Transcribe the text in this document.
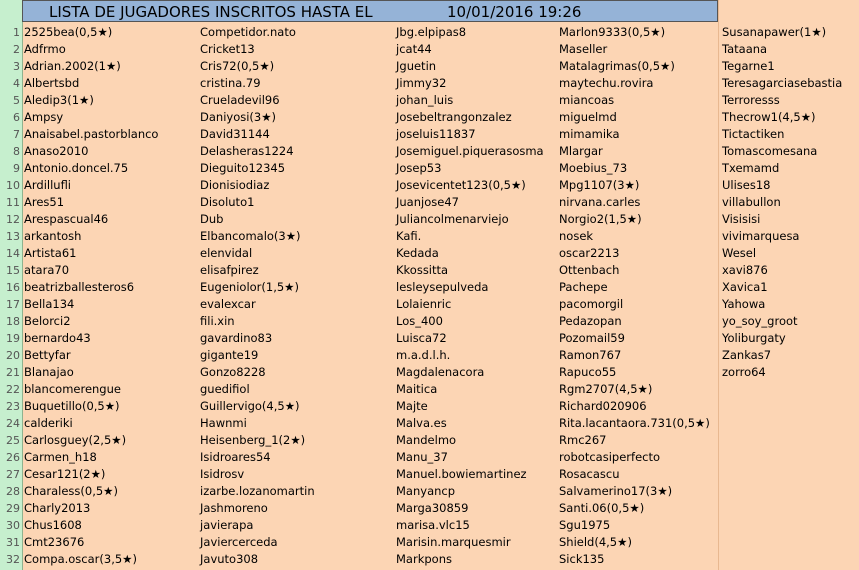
LISTA DE JUGADORES INSCRITOS HASTA EL	10/01/2016 19:26
1
2
3
4
5
6
7
8
9
10
11
12
13
14
15
16
17
18
19
20
21
22
23
24
25
26
27
28
29
30
31
32
2525bea(0,5★)
Adfrmo
Adrian.2002(1★)
Albertsbd
Aledip3(1★)
Ampsy
Anaisabel.pastorblanco
Anaso2010
Antonio.doncel.75
Ardillufli
Ares51
Arespascual46
arkantosh
Artista61
atara70
beatrizballesteros6
Bella134
Belorci2
bernardo43
Bettyfar
Blanajao
blancomerengue
Buquetillo(0,5★)
calderiki
Carlosguey(2,5★)
Carmen_h18
Cesar121(2★)
Charaless(0,5★)
Charly2013
Chus1608
Cmt23676
Compa.oscar(3,5★)
Competidor.nato
Cricket13
Cris72(0,5★)
cristina.79
Crueladevil96
Daniyosi(3★)
David31144
Delasheras1224
Dieguito12345
Dionisiodiaz
Disoluto1
Dub
Elbancomalo(3★)
elenvidal
elisafpirez
Eugeniolor(1,5★)
evalexcar
fili.xin
gavardino83
gigante19
Gonzo8228
guedifiol
Guillervigo(4,5★)
Hawnmi
Heisenberg_1(2★)
Isidroares54
Isidrosv
izarbe.lozanomartin
Jashmoreno
javierapa
Javiercerceda
Javuto308
Jbg.elpipas8
jcat44
Jguetin
Jimmy32
johan_luis
Josebeltrangonzalez
joseluis11837
Josemiguel.piquerasosma
Josep53
Josevicentet123(0,5★)
Juanjose47
Juliancolmenarviejo
Kafi.
Kedada
Kkossitta
lesleysepulveda
Lolaienric
Los_400
Luisca72
m.a.d.l.h.
Magdalenacora
Maitica
Majte
Malva.es
Mandelmo
Manu_37
Manuel.bowiemartinez
Manyancp
Marga30859
marisa.vlc15
Marisin.marquesmir
Markpons
Marlon9333(0,5★)
Maseller
Matalagrimas(0,5★)
maytechu.rovira
miancoas
miguelmd
mimamika
Mlargar
Moebius_73
Mpg1107(3★)
nirvana.carles
Norgio2(1,5★)
nosek
oscar2213
Ottenbach
Pachepe
pacomorgil
Pedazopan
Pozomail59
Ramon767
Rapuco55
Rgm2707(4,5★)
Richard020906
Rita.lacantaora.731(0,5★)
Rmc267
robotcasiperfecto
Rosacascu
Salvamerino17(3★)
Santi.06(0,5★)
Sgu1975
Shield(4,5★)
Sick135
Susanapawer(1★)
Tataana
Tegarne1
Teresagarciasebastia
Terroresss
Thecrow1(4,5★)
Tictactiken
Tomascomesana
Txemamd
Ulises18
villabullon
Visisisi
vivimarquesa
Wesel
xavi876
Xavica1
Yahowa
yo_soy_groot
Yoliburgaty
Zankas7
zorro64
